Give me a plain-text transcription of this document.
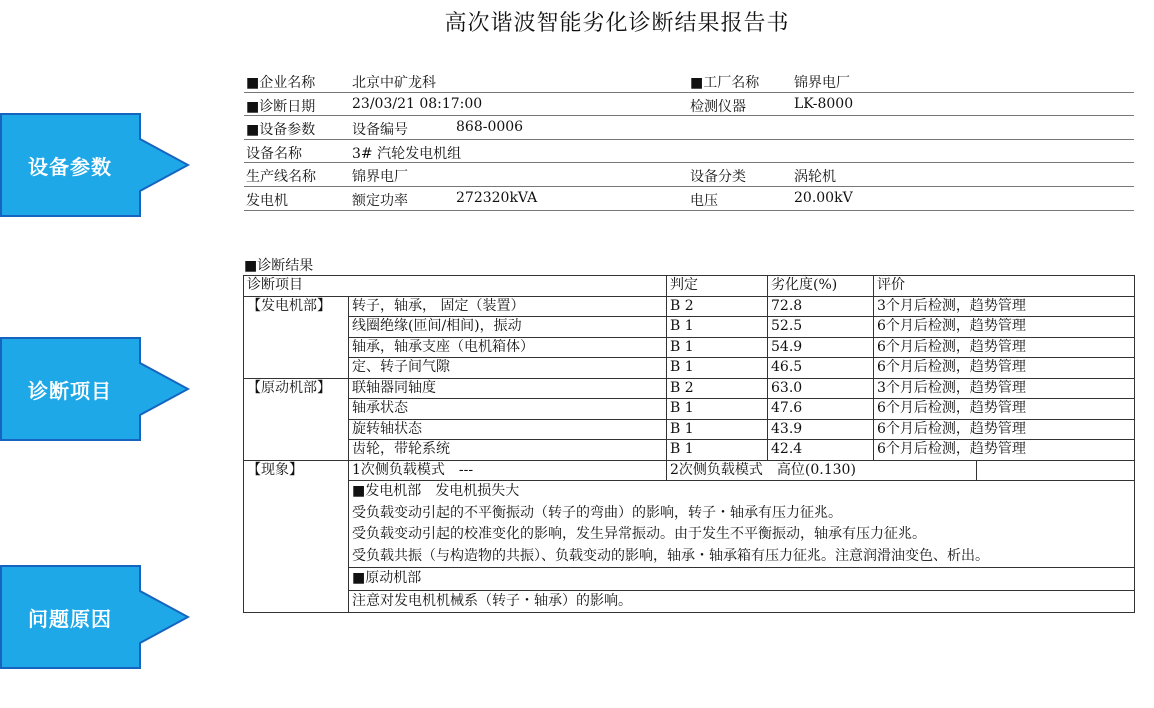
高次谐波智能劣化诊断结果报告书
设备参数
诊断项目
问题原因
■企业名称	北京中矿龙科	■工厂名称 锦界电厂
■诊断日期	23/03/21 08:17:00	检测仪器	LK-8000
■设备参数	设备编号	868-0006
设备名称	3# 汽轮发电机组
生产线名称	锦界电厂	设备分类	涡轮机
发电机	额定功率	272320kVA	电压	20.00kV
■诊断结果
诊断项目		判定	劣化度(%)	评价	
【发电机部】	转子，轴承， 固定（装置）	B 2	72.8	3个月后检测，趋势管理	
	线圈绝缘(匝间/相间)，振动	B 1	52.5	6个月后检测，趋势管理	
	轴承，轴承支座（电机箱体）	B 1	54.9	6个月后检测，趋势管理	
	定、转子间气隙	B 1	46.5	6个月后检测，趋势管理	
【原动机部】	联轴器同轴度	B 2	63.0	3个月后检测，趋势管理	
	轴承状态	B 1	47.6	6个月后检测，趋势管理	
	旋转轴状态	B 1	43.9	6个月后检测，趋势管理	
	齿轮，带轮系统	B 1	42.4	6个月后检测，趋势管理	
【现象】	1次侧负载模式　---	2次侧负载模式　高位(0.130)			
	■发电机部　发电机损失大				
	受负载变动引起的不平衡振动（转子的弯曲）的影响，转子・轴承有压力征兆。				
	受负载变动引起的校准变化的影响，发生异常振动。由于发生不平衡振动，轴承有压力征兆。				
	受负载共振（与构造物的共振）、负载变动的影响，轴承・轴承箱有压力征兆。注意润滑油变色、析出。				
	■原动机部				
	注意对发电机机械系（转子・轴承）的影响。				
